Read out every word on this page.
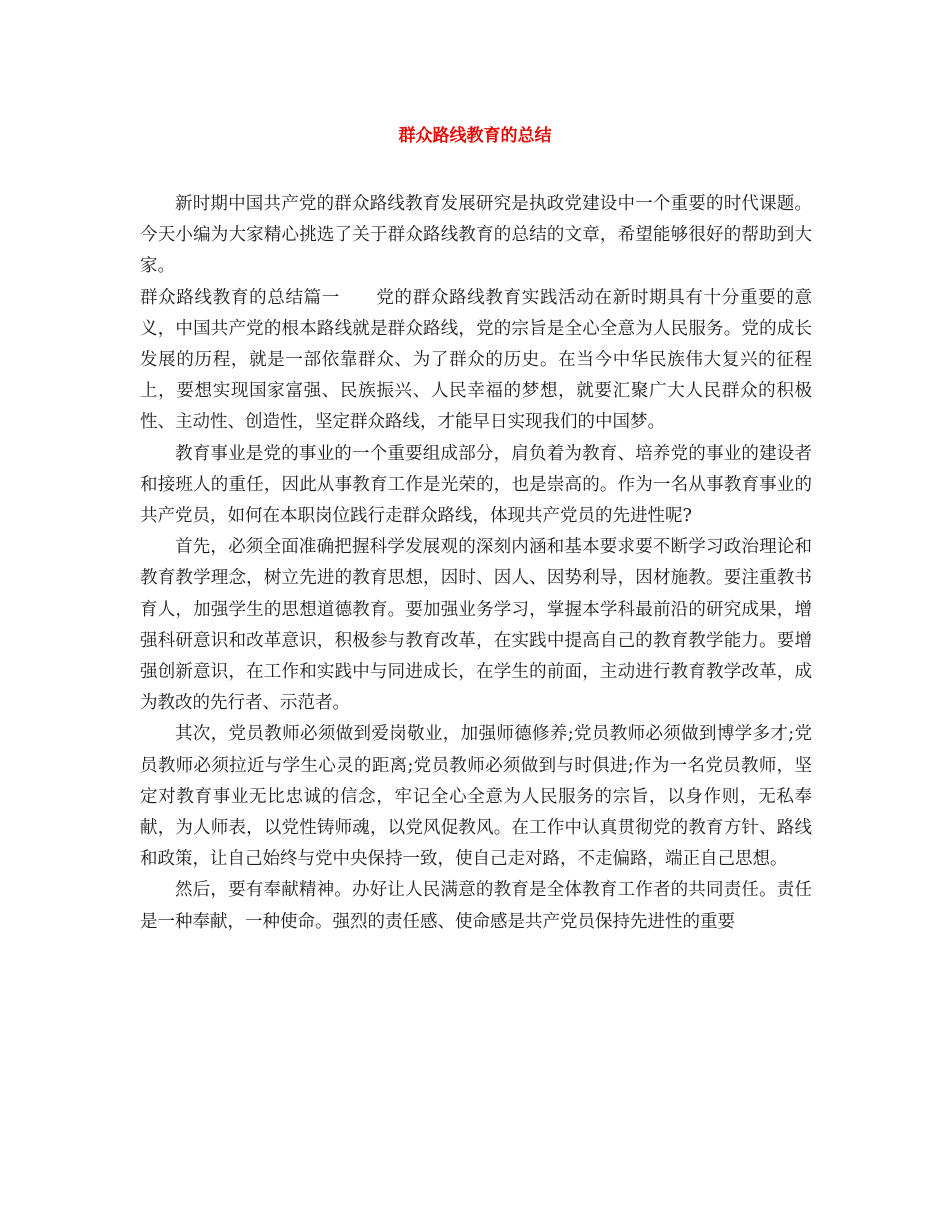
群众路线教育的总结

新时期中国共产党的群众路线教育发展研究是执政党建设中一个重要的时代课题。今天小编为大家精心挑选了关于群众路线教育的总结的文章，希望能够很好的帮助到大家。

群众路线教育的总结篇一　　党的群众路线教育实践活动在新时期具有十分重要的意义，中国共产党的根本路线就是群众路线，党的宗旨是全心全意为人民服务。党的成长发展的历程，就是一部依靠群众、为了群众的历史。在当今中华民族伟大复兴的征程上，要想实现国家富强、民族振兴、人民幸福的梦想，就要汇聚广大人民群众的积极性、主动性、创造性，坚定群众路线，才能早日实现我们的中国梦。

教育事业是党的事业的一个重要组成部分，肩负着为教育、培养党的事业的建设者和接班人的重任，因此从事教育工作是光荣的，也是崇高的。作为一名从事教育事业的共产党员，如何在本职岗位践行走群众路线，体现共产党员的先进性呢?

首先，必须全面准确把握科学发展观的深刻内涵和基本要求要不断学习政治理论和教育教学理念，树立先进的教育思想，因时、因人、因势利导，因材施教。要注重教书育人，加强学生的思想道德教育。要加强业务学习，掌握本学科最前沿的研究成果，增强科研意识和改革意识，积极参与教育改革，在实践中提高自己的教育教学能力。要增强创新意识，在工作和实践中与同进成长，在学生的前面，主动进行教育教学改革，成为教改的先行者、示范者。

其次，党员教师必须做到爱岗敬业，加强师德修养;党员教师必须做到博学多才;党员教师必须拉近与学生心灵的距离;党员教师必须做到与时俱进;作为一名党员教师，坚定对教育事业无比忠诚的信念，牢记全心全意为人民服务的宗旨，以身作则，无私奉献，为人师表，以党性铸师魂，以党风促教风。在工作中认真贯彻党的教育方针、路线和政策，让自己始终与党中央保持一致，使自己走对路，不走偏路，端正自己思想。

然后，要有奉献精神。办好让人民满意的教育是全体教育工作者的共同责任。责任是一种奉献，一种使命。强烈的责任感、使命感是共产党员保持先进性的重要
